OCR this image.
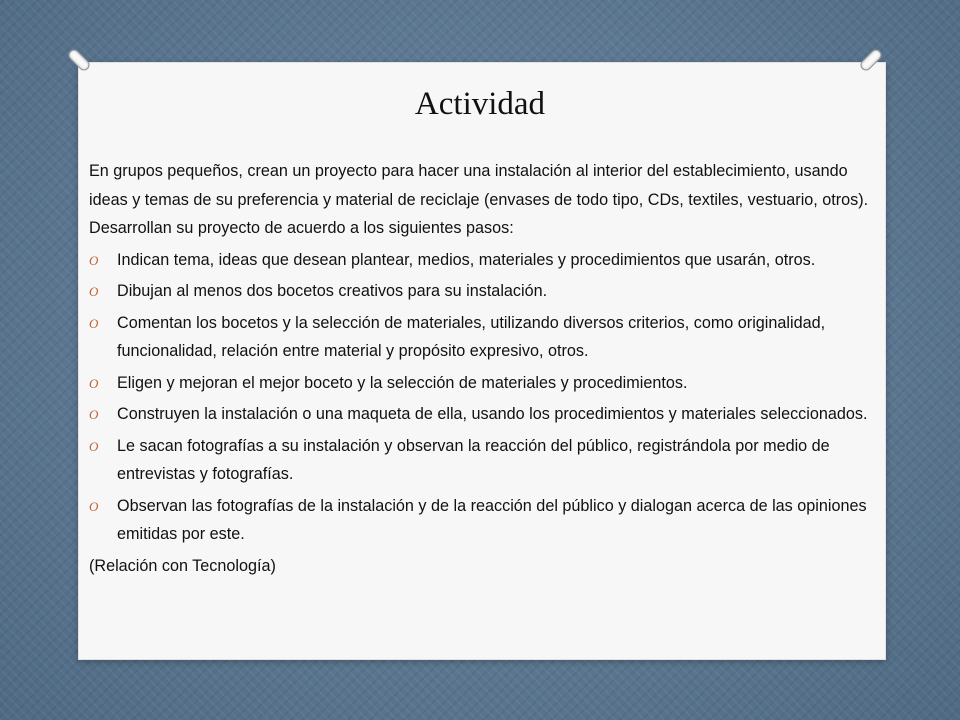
Actividad

En grupos pequeños, crean un proyecto para hacer una instalación al interior del establecimiento, usando ideas y temas de su preferencia y material de reciclaje (envases de todo tipo, CDs, textiles, vestuario, otros). Desarrollan su proyecto de acuerdo a los siguientes pasos:

O Indican tema, ideas que desean plantear, medios, materiales y procedimientos que usarán, otros.
O Dibujan al menos dos bocetos creativos para su instalación.
O Comentan los bocetos y la selección de materiales, utilizando diversos criterios, como originalidad, funcionalidad, relación entre material y propósito expresivo, otros.
O Eligen y mejoran el mejor boceto y la selección de materiales y procedimientos.
O Construyen la instalación o una maqueta de ella, usando los procedimientos y materiales seleccionados.
O Le sacan fotografías a su instalación y observan la reacción del público, registrándola por medio de entrevistas y fotografías.
O Observan las fotografías de la instalación y de la reacción del público y dialogan acerca de las opiniones emitidas por este.

(Relación con Tecnología)
